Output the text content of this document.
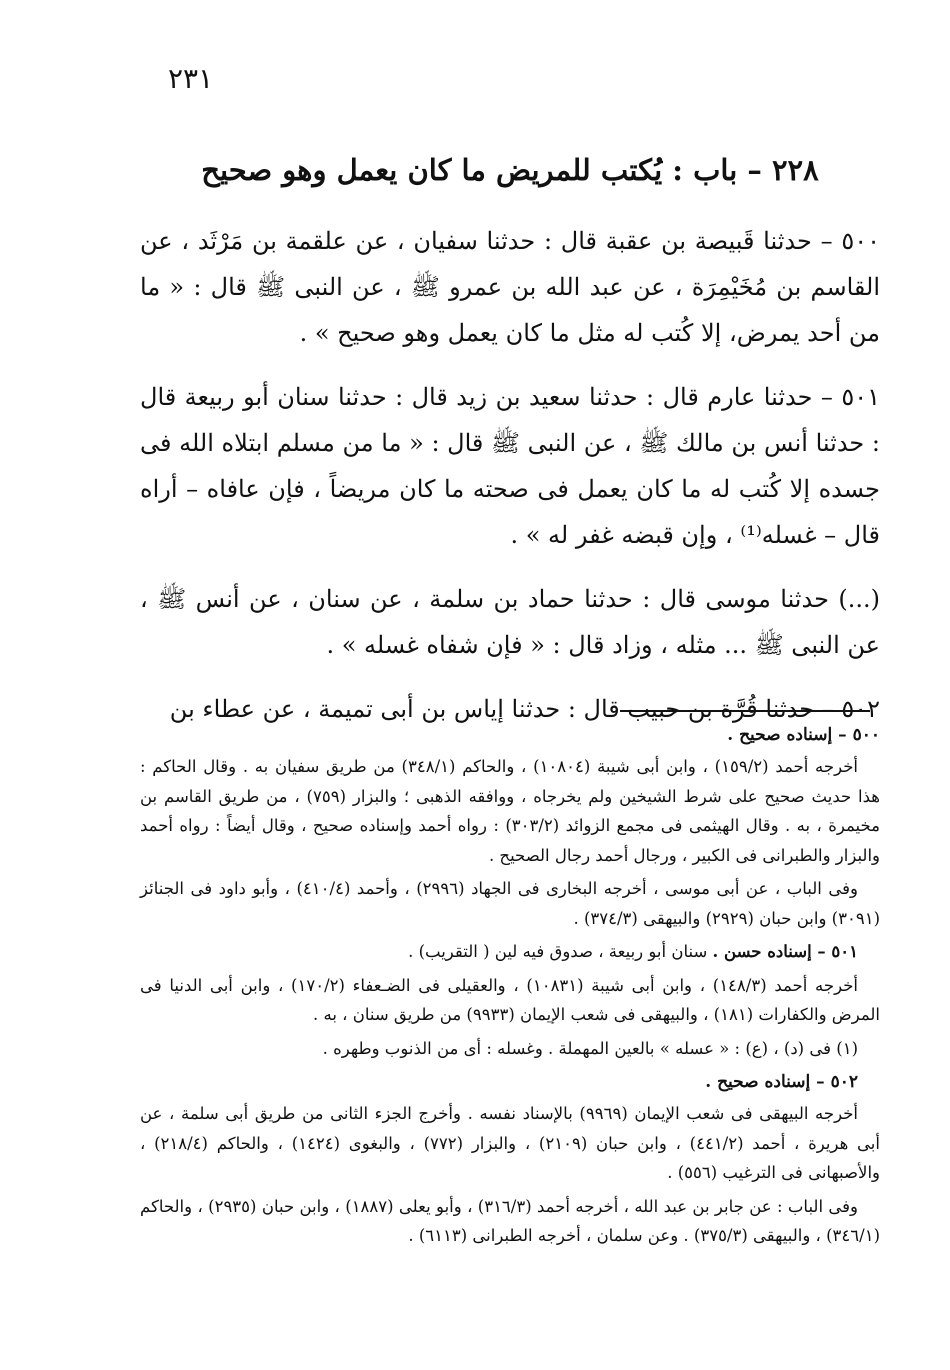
٢٣١
٢٢٨ – باب : يُكتب للمريض ما كان يعمل وهو صحيح

٥٠٠ – حدثنا قَبيصة بن عقبة قال : حدثنا سفيان ، عن علقمة بن مَرْثَد ، عن القاسم بن مُخَيْمِرَة ، عن عبد الله بن عمرو ﷺ ، عن النبى ﷺ قال : « ما من أحد يمرض، إلا كُتب له مثل ما كان يعمل وهو صحيح » .

٥٠١ – حدثنا عارم قال : حدثنا سعيد بن زيد قال : حدثنا سنان أبو ربيعة قال : حدثنا أنس بن مالك ﷺ ، عن النبى ﷺ قال : « ما من مسلم ابتلاه الله فى جسده إلا كُتب له ما كان يعمل فى صحته ما كان مريضاً ، فإن عافاه – أراه قال – غسله⁽¹⁾ ، وإن قبضه غفر له » .

(...) حدثنا موسى قال : حدثنا حماد بن سلمة ، عن سنان ، عن أنس ﷺ ، عن النبى ﷺ ... مثله ، وزاد قال : « فإن شفاه غسله » .

٥٠٢ – حدثنا قُرَّة بن حبيب قال : حدثنا إياس بن أبى تميمة ، عن عطاء بن

٥٠٠ – إسناده صحيح .

أخرجه أحمد (١٥٩/٢) ، وابن أبى شيبة (١٠٨٠٤) ، والحاكم (٣٤٨/١) من طريق سفيان به . وقال الحاكم : هذا حديث صحيح على شرط الشيخين ولم يخرجاه ، ووافقه الذهبى ؛ والبزار (٧٥٩) ، من طريق القاسم بن مخيمرة ، به . وقال الهيثمى فى مجمع الزوائد (٣٠٣/٢) : رواه أحمد وإسناده صحيح ، وقال أيضاً : رواه أحمد والبزار والطبرانى فى الكبير ، ورجال أحمد رجال الصحيح .

وفى الباب ، عن أبى موسى ، أخرجه البخارى فى الجهاد (٢٩٩٦) ، وأحمد (٤١٠/٤) ، وأبو داود فى الجنائز (٣٠٩١) وابن حبان (٢٩٢٩) والبيهقى (٣٧٤/٣) .

٥٠١ – إسناده حسن . سنان أبو ربيعة ، صدوق فيه لين ( التقريب) .

أخرجه أحمد (١٤٨/٣) ، وابن أبى شيبة (١٠٨٣١) ، والعقيلى فى الضـعفاء (١٧٠/٢) ، وابن أبى الدنيا فى المرض والكفارات (١٨١) ، والبيهقى فى شعب الإيمان (٩٩٣٣) من طريق سنان ، به .

(١) فى (د) ، (ع) : « عسله » بالعين المهملة . وغسله : أى من الذنوب وطهره .

٥٠٢ – إسناده صحيح .

أخرجه البيهقى فى شعب الإيمان (٩٩٦٩) بالإسناد نفسه . وأخرج الجزء الثانى من طريق أبى سلمة ، عن أبى هريرة ، أحمد (٤٤١/٢) ، وابن حبان (٢١٠٩) ، والبزار (٧٧٢) ، والبغوى (١٤٢٤) ، والحاكم (٢١٨/٤) ، والأصبهانى فى الترغيب (٥٥٦) .

وفى الباب : عن جابر بن عبد الله ، أخرجه أحمد (٣١٦/٣) ، وأبو يعلى (١٨٨٧) ، وابن حبان (٢٩٣٥) ، والحاكم (٣٤٦/١) ، والبيهقى (٣٧٥/٣) . وعن سلمان ، أخرجه الطبرانى (٦١١٣) .
